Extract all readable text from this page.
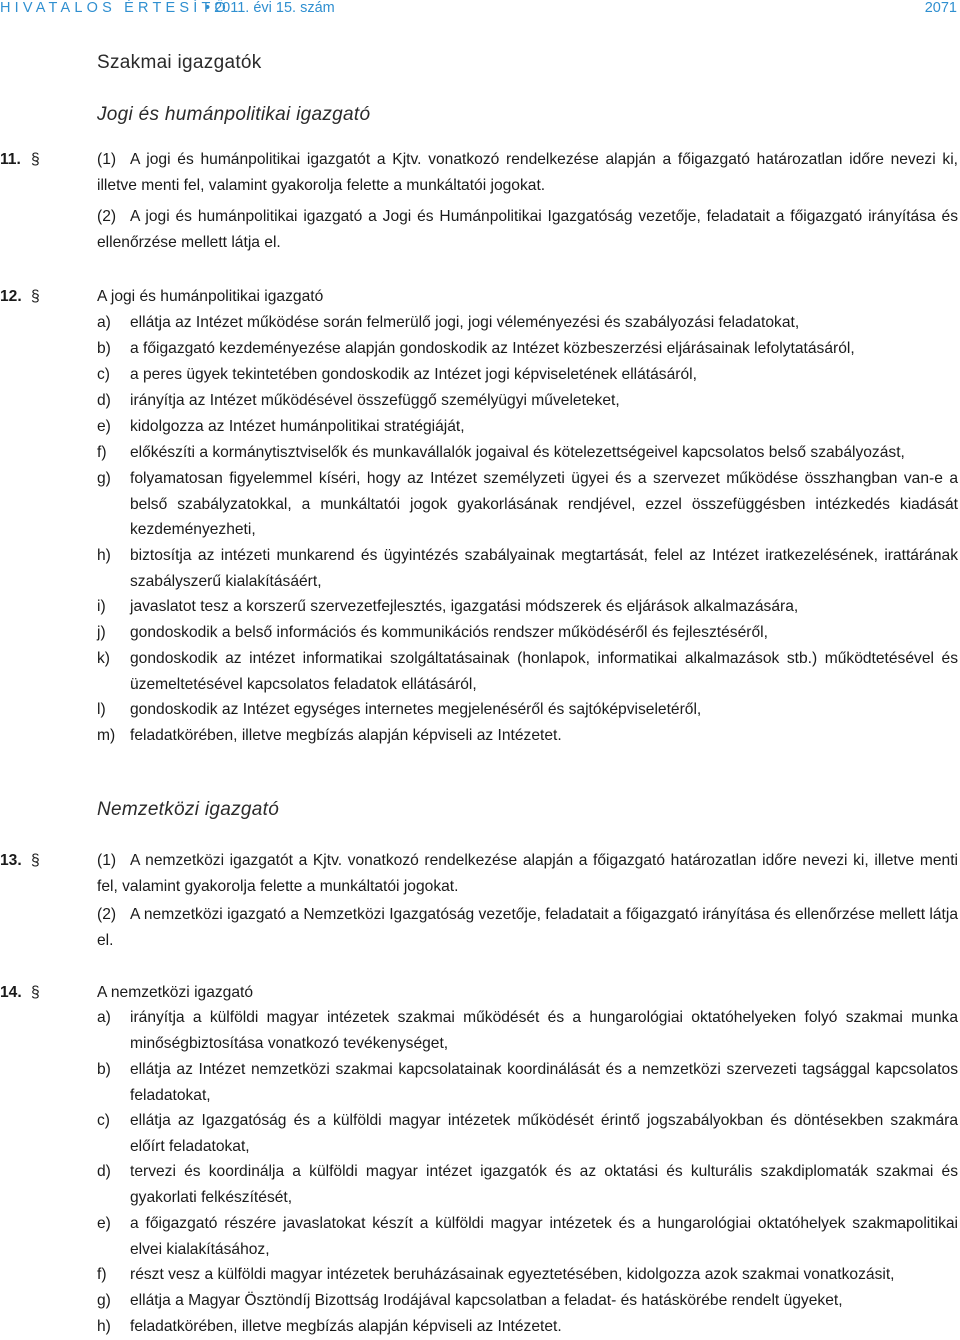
HIVATALOS ÉRTESÍTŐ
• 2011. évi 15. szám	2071
Szakmai igazgatók
Jogi és humánpolitikai igazgató
11. §	(1) A jogi és humánpolitikai igazgatót a Kjtv. vonatkozó rendelkezése alapján a főigazgató határozatlan időre nevezi ki, illetve menti fel, valamint gyakorolja felette a munkáltatói jogokat.
(2) A jogi és humánpolitikai igazgató a Jogi és Humánpolitikai Igazgatóság vezetője, feladatait a főigazgató irányítása és ellenőrzése mellett látja el.
12. §	A jogi és humánpolitikai igazgató
a) ellátja az Intézet működése során felmerülő jogi, jogi véleményezési és szabályozási feladatokat,
b) a főigazgató kezdeményezése alapján gondoskodik az Intézet közbeszerzési eljárásainak lefolytatásáról,
c) a peres ügyek tekintetében gondoskodik az Intézet jogi képviseletének ellátásáról,
d) irányítja az Intézet működésével összefüggő személyügyi műveleteket,
e) kidolgozza az Intézet humánpolitikai stratégiáját,
f) előkészíti a kormánytisztviselők és munkavállalók jogaival és kötelezettségeivel kapcsolatos belső szabályozást,
g) folyamatosan figyelemmel kíséri, hogy az Intézet személyzeti ügyei és a szervezet működése összhangban van-e a belső szabályzatokkal, a munkáltatói jogok gyakorlásának rendjével, ezzel összefüggésben intézkedés kiadását kezdeményezheti,
h) biztosítja az intézeti munkarend és ügyintézés szabályainak megtartását, felel az Intézet iratkezelésének, irattárának szabályszerű kialakításáért,
i) javaslatot tesz a korszerű szervezetfejlesztés, igazgatási módszerek és eljárások alkalmazására,
j) gondoskodik a belső információs és kommunikációs rendszer működéséről és fejlesztéséről,
k) gondoskodik az intézet informatikai szolgáltatásainak (honlapok, informatikai alkalmazások stb.) működtetésével és üzemeltetésével kapcsolatos feladatok ellátásáról,
l) gondoskodik az Intézet egységes internetes megjelenéséről és sajtóképviseletéről,
m) feladatkörében, illetve megbízás alapján képviseli az Intézetet.
Nemzetközi igazgató
13. §	(1) A nemzetközi igazgatót a Kjtv. vonatkozó rendelkezése alapján a főigazgató határozatlan időre nevezi ki, illetve menti fel, valamint gyakorolja felette a munkáltatói jogokat.
(2) A nemzetközi igazgató a Nemzetközi Igazgatóság vezetője, feladatait a főigazgató irányítása és ellenőrzése mellett látja el.
14. §	A nemzetközi igazgató
a) irányítja a külföldi magyar intézetek szakmai működését és a hungarológiai oktatóhelyeken folyó szakmai munka minőségbiztosítása vonatkozó tevékenységet,
b) ellátja az Intézet nemzetközi szakmai kapcsolatainak koordinálását és a nemzetközi szervezeti tagsággal kapcsolatos feladatokat,
c) ellátja az Igazgatóság és a külföldi magyar intézetek működését érintő jogszabályokban és döntésekben szakmára előírt feladatokat,
d) tervezi és koordinálja a külföldi magyar intézet igazgatók és az oktatási és kulturális szakdiplomaták szakmai és gyakorlati felkészítését,
e) a főigazgató részére javaslatokat készít a külföldi magyar intézetek és a hungarológiai oktatóhelyek szakmapolitikai elvei kialakításához,
f) részt vesz a külföldi magyar intézetek beruházásainak egyeztetésében, kidolgozza azok szakmai vonatkozásit,
g) ellátja a Magyar Ösztöndíj Bizottság Irodájával kapcsolatban a feladat- és hatáskörébe rendelt ügyeket,
h) feladatkörében, illetve megbízás alapján képviseli az Intézetet.
